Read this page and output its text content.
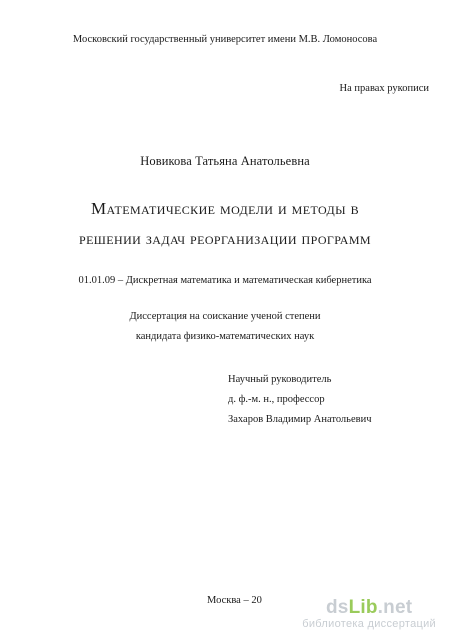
Московский государственный университет имени М.В. Ломоносова
На правах рукописи
Новикова Татьяна Анатольевна
Математические модели и методы в
решении задач реорганизации программ
01.01.09 – Дискретная математика и математическая кибернетика
Диссертация на соискание ученой степени
кандидата физико-математических наук
Научный руководитель
д. ф.-м. н., профессор
Захаров Владимир Анатольевич
Москва – 20	dsLib.net
библиотека диссертаций
